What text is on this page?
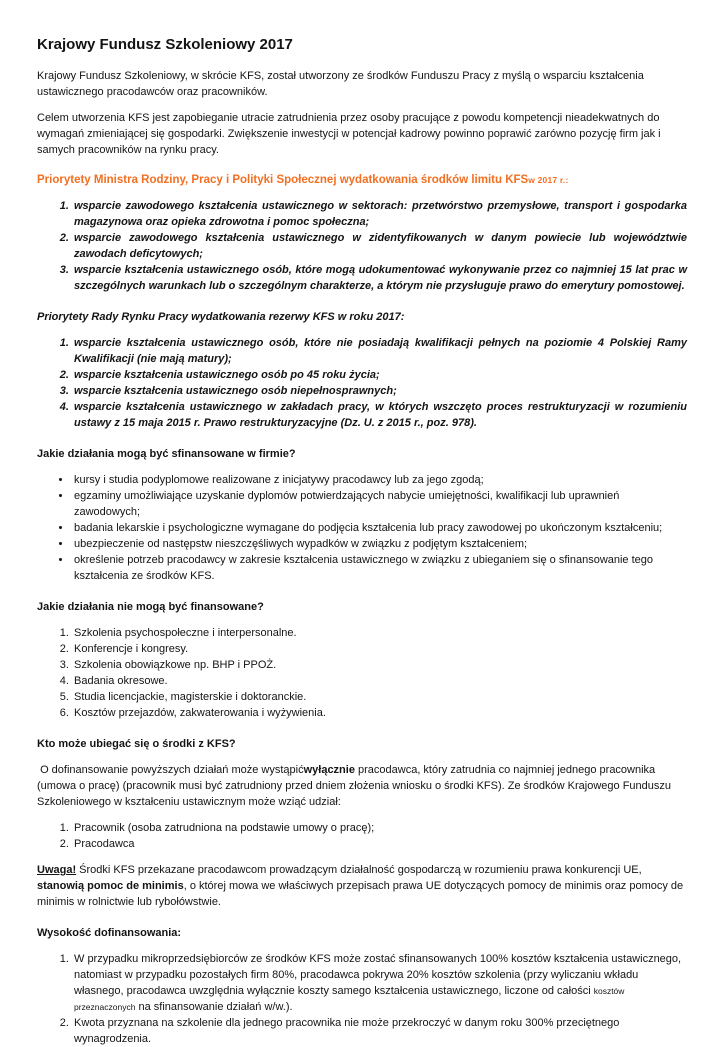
Krajowy Fundusz Szkoleniowy 2017

Krajowy Fundusz Szkoleniowy, w skrócie KFS, został utworzony ze środków Funduszu Pracy z myślą o wsparciu kształcenia ustawicznego pracodawców oraz pracowników.

Celem utworzenia KFS jest zapobieganie utracie zatrudnienia przez osoby pracujące z powodu kompetencji nieadekwatnych do wymagań zmieniającej się gospodarki. Zwiększenie inwestycji w potencjał kadrowy powinno poprawić zarówno pozycję firm jak i samych pracowników na rynku pracy.

Priorytety Ministra Rodziny, Pracy i Polityki Społecznej wydatkowania środków limitu KFSw 2017 r.:
1. wsparcie zawodowego kształcenia ustawicznego w sektorach: przetwórstwo przemysłowe, transport i gospodarka magazynowa oraz opieka zdrowotna i pomoc społeczna;
2. wsparcie zawodowego kształcenia ustawicznego w zidentyfikowanych w danym powiecie lub województwie zawodach deficytowych;
3. wsparcie kształcenia ustawicznego osób, które mogą udokumentować wykonywanie przez co najmniej 15 lat prac w szczególnych warunkach lub o szczególnym charakterze, a którym nie przysługuje prawo do emerytury pomostowej.
Priorytety Rady Rynku Pracy wydatkowania rezerwy KFS w roku 2017:
1. wsparcie kształcenia ustawicznego osób, które nie posiadają kwalifikacji pełnych na poziomie 4 Polskiej Ramy Kwalifikacji (nie mają matury);
2. wsparcie kształcenia ustawicznego osób po 45 roku życia;
3. wsparcie kształcenia ustawicznego osób niepełnosprawnych;
4. wsparcie kształcenia ustawicznego w zakładach pracy, w których wszczęto proces restrukturyzacji w rozumieniu ustawy z 15 maja 2015 r. Prawo restrukturyzacyjne (Dz. U. z 2015 r., poz. 978).
Jakie działania mogą być sfinansowane w firmie?
• kursy i studia podyplomowe realizowane z inicjatywy pracodawcy lub za jego zgodą;
• egzaminy umożliwiające uzyskanie dyplomów potwierdzających nabycie umiejętności, kwalifikacji lub uprawnień zawodowych;
• badania lekarskie i psychologiczne wymagane do podjęcia kształcenia lub pracy zawodowej po ukończonym kształceniu;
• ubezpieczenie od następstw nieszczęśliwych wypadków w związku z podjętym kształceniem;
• określenie potrzeb pracodawcy w zakresie kształcenia ustawicznego w związku z ubieganiem się o sfinansowanie tego kształcenia ze środków KFS.
Jakie działania nie mogą być finansowane?
1. Szkolenia psychospołeczne i interpersonalne.
2. Konferencje i kongresy.
3. Szkolenia obowiązkowe np. BHP i PPOŻ.
4. Badania okresowe.
5. Studia licencjackie, magisterskie i doktoranckie.
6. Kosztów przejazdów, zakwaterowania i wyżywienia.
Kto może ubiegać się o środki z KFS?

O dofinansowanie powyższych działań może wystąpićwyłącznie pracodawca, który zatrudnia co najmniej jednego pracownika (umowa o pracę) (pracownik musi być zatrudniony przed dniem złożenia wniosku o środki KFS). Ze środków Krajowego Funduszu Szkoleniowego w kształceniu ustawicznym może wziąć udział:

1. Pracownik (osoba zatrudniona na podstawie umowy o pracę);
2. Pracodawca

Uwaga! Środki KFS przekazane pracodawcom prowadzącym działalność gospodarczą w rozumieniu prawa konkurencji UE, stanowią pomoc de minimis, o której mowa we właściwych przepisach prawa UE dotyczących pomocy de minimis oraz pomocy de minimis w rolnictwie lub rybołówstwie.

Wysokość dofinansowania:
1. W przypadku mikroprzedsiębiorców ze środków KFS może zostać sfinansowanych 100% kosztów kształcenia ustawicznego, natomiast w przypadku pozostałych firm 80%, pracodawca pokrywa 20% kosztów szkolenia (przy wyliczaniu wkładu własnego, pracodawca uwzględnia wyłącznie koszty samego kształcenia ustawicznego, liczone od całości kosztów przeznaczonych na sfinansowanie działań w/w.).
2. Kwota przyznana na szkolenie dla jednego pracownika nie może przekroczyć w danym roku 300% przeciętnego wynagrodzenia.
